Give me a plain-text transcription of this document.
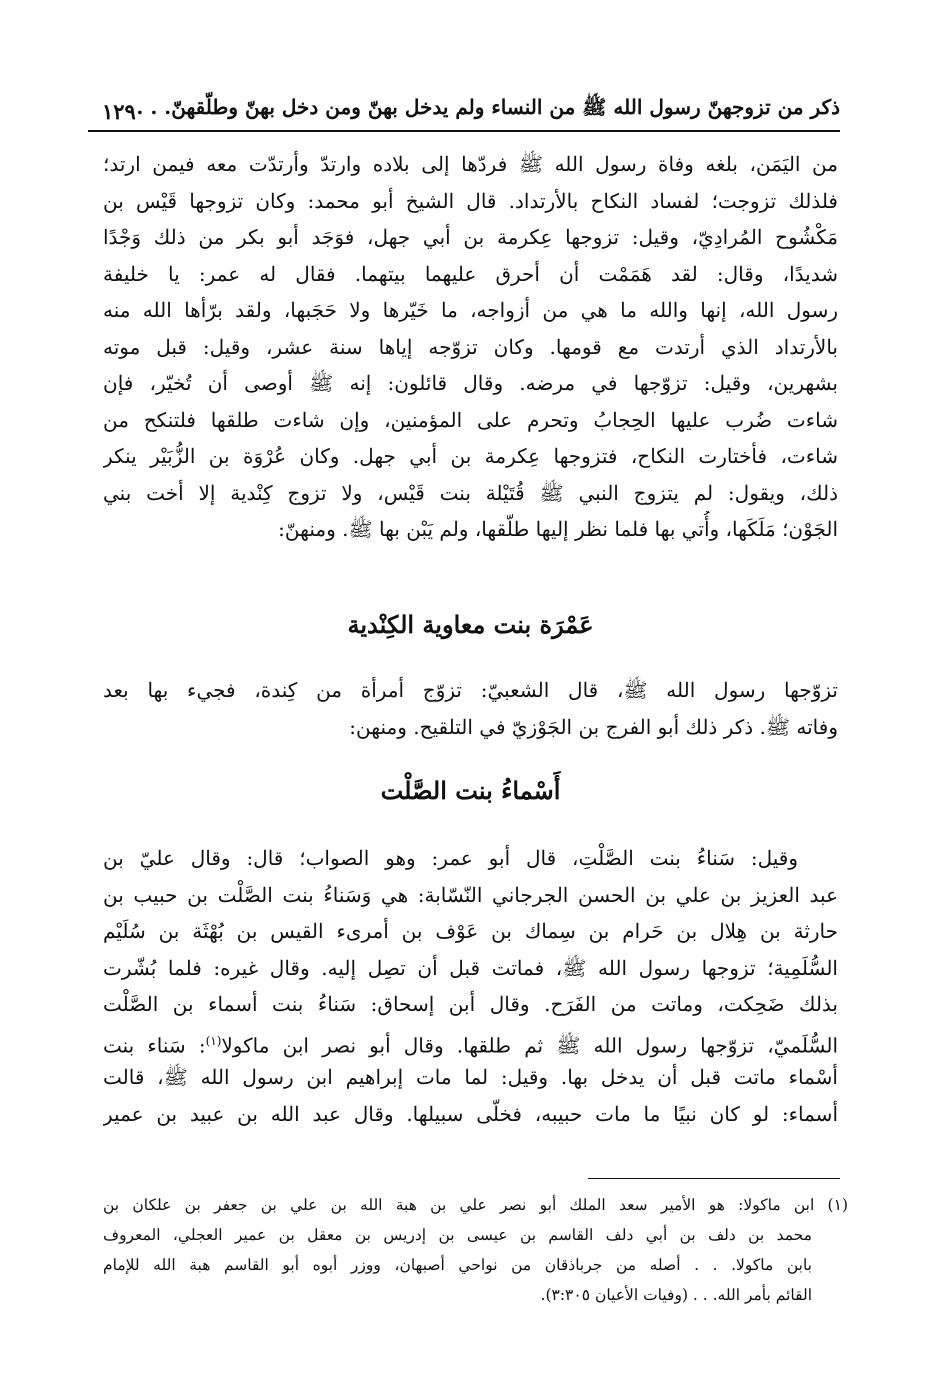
ذكر من تزوجهنّ رسول الله ﷺ من النساء ولم يدخل بهنّ ومن دخل بهنّ وطلّقهنّ. . .
١٢٩
من اليَمَن، بلغه وفاة رسول الله ﷺ فردّها إلى بلاده وارتدّ وأرتدّت معه فيمن ارتد؛
فلذلك تزوجت؛ لفساد النكاح بالأرتداد. قال الشيخ أبو محمد: وكان تزوجها قَيْس بن
مَكْشُوح المُرادِيّ، وقيل: تزوجها عِكرمة بن أبي جهل، فوَجَد أبو بكر من ذلك وَجْدًا
شديدًا، وقال: لقد هَمَمْت أن أحرق عليهما بيتهما. فقال له عمر: يا خليفة
رسول الله، إنها والله ما هي من أزواجه، ما خَيّرها ولا حَجَبها، ولقد برّأها الله منه
بالأرتداد الذي أرتدت مع قومها. وكان تزوّجه إياها سنة عشر، وقيل: قبل موته
بشهرين، وقيل: تزوّجها في مرضه. وقال قائلون: إنه ﷺ أوصى أن تُخيّر، فإن
شاءت ضُرب عليها الحِجابُ وتحرم على المؤمنين، وإن شاءت طلقها فلتنكح من
شاءت، فأختارت النكاح، فتزوجها عِكرمة بن أبي جهل. وكان عُرْوَة بن الزُّبَيْر ينكر
ذلك، ويقول: لم يتزوج النبي ﷺ قُتَيْلة بنت قَيْس، ولا تزوج كِنْدية إلا أخت بني
الجَوْن؛ مَلَكَها، وأُتي بها فلما نظر إليها طلّقها، ولم يَبْن بها ﷺ. ومنهنّ:
عَمْرَة بنت معاوية الكِنْدية
تزوّجها رسول الله ﷺ، قال الشعبيّ: تزوّج أمرأة من كِندة، فجيء بها بعد
وفاته ﷺ. ذكر ذلك أبو الفرج بن الجَوْزيّ في التلقيح. ومنهن:
أَسْماءُ بنت الصَّلْت
وقيل: سَناءُ بنت الصَّلْتِ، قال أبو عمر: وهو الصواب؛ قال: وقال عليّ بن
عبد العزيز بن علي بن الحسن الجرجاني النّسّابة: هي وَسَناءُ بنت الصَّلْت بن حبيب بن
حارثة بن هِلال بن حَرام بن سِماك بن عَوْف بن أمرىء القيس بن بُهْثَة بن سُلَيْم
السُّلَمِية؛ تزوجها رسول الله ﷺ، فماتت قبل أن تصِل إليه. وقال غيره: فلما بُشّرت
بذلك ضَحِكت، وماتت من الفَرَح. وقال أبن إسحاق: سَناءُ بنت أسماء بن الصَّلْت
السُّلَميّ، تزوّجها رسول الله ﷺ ثم طلقها. وقال أبو نصر ابن ماكولا$^{(١)}$: سَناء بنت
أسْماء ماتت قبل أن يدخل بها. وقيل: لما مات إبراهيم ابن رسول الله ﷺ، قالت
أسماء: لو كان نبيًا ما مات حبيبه، فخلّى سبيلها. وقال عبد الله بن عبيد بن عمير
(١) ابن ماكولا: هو الأمير سعد الملك أبو نصر علي بن هبة الله بن علي بن جعفر بن علكان بن
محمد بن دلف بن أبي دلف القاسم بن عيسى بن إدريس بن معقل بن عمير العجلي، المعروف
بابن ماكولا. . . أصله من جرباذقان من نواحي أصبهان، ووزر أبوه أبو القاسم هبة الله للإمام
القائم بأمر الله. . . (وفيات الأعيان ٣:٣٠٥).
